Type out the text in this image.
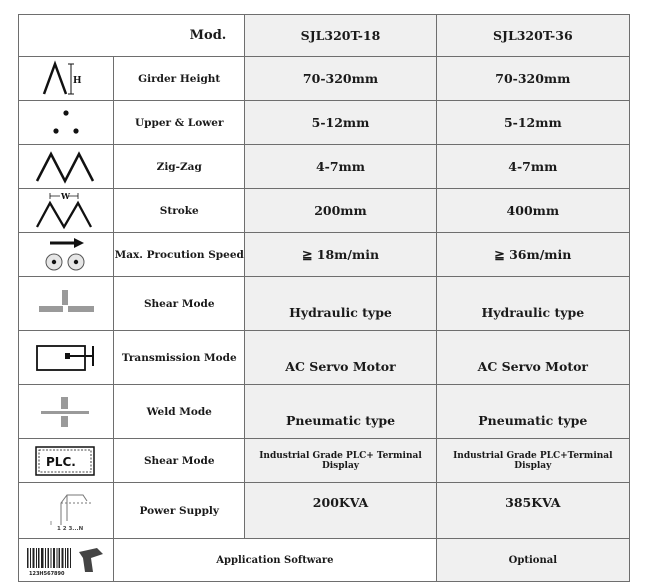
Mod.		SJL320T-18	SJL320T-36

H	Girder Height	70-320mm	70-320mm

	Upper & Lower	5-12mm	5-12mm

	Zig-Zag	4-7mm	4-7mm

W	Stroke	200mm	400mm

	Max. Procution Speed	≧ 18m/min	≧ 36m/min

	Shear Mode	Hydraulic type	Hydraulic type

	Transmission Mode	AC Servo Motor	AC Servo Motor

	Weld Mode	Pneumatic type	Pneumatic type

PLC.	Shear Mode	Industrial Grade PLC+ Terminal Display	Industrial Grade PLC+Terminal Display

1 2 3...N	Power Supply	200KVA	385KVA

123H567890	Application Software		Optional
